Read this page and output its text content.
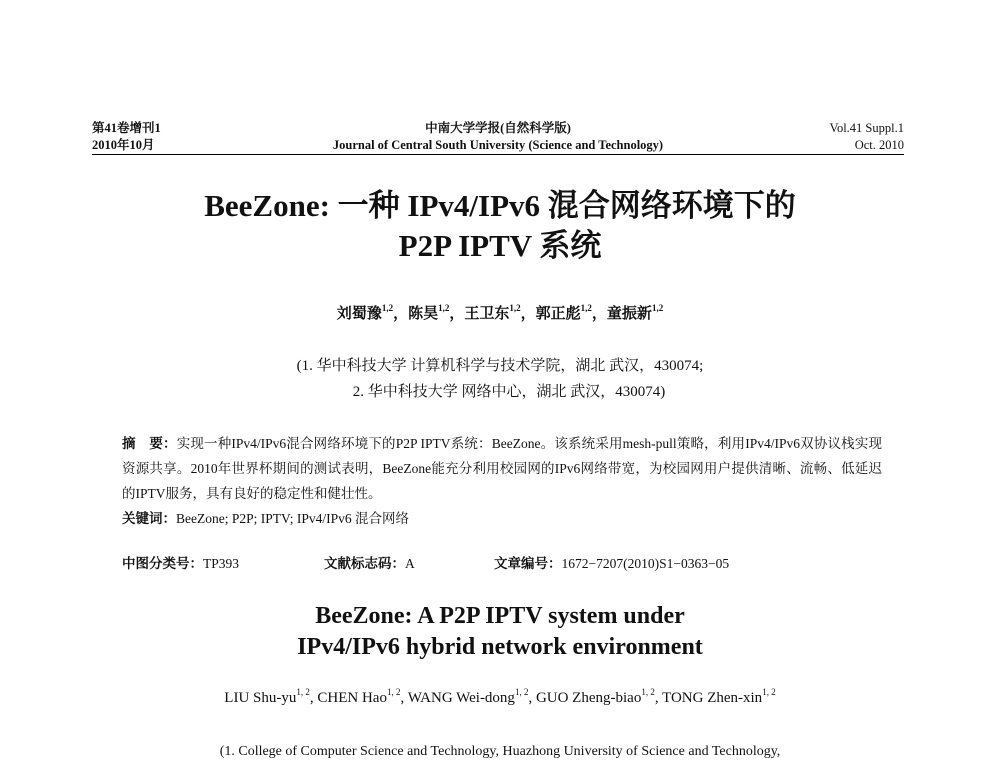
第41卷增刊1
2010年10月
中南大学学报(自然科学版)
Journal of Central South University (Science and Technology)
Vol.41 Suppl.1
Oct. 2010
BeeZone: 一种 IPv4/IPv6 混合网络环境下的
P2P IPTV 系统
刘蜀豫$^{1,2}$，陈昊$^{1,2}$，王卫东$^{1,2}$，郭正彪$^{1,2}$，童振新$^{1,2}$
(1. 华中科技大学 计算机科学与技术学院，湖北 武汉，430074;
2. 华中科技大学 网络中心，湖北 武汉，430074)
摘　要：实现一种IPv4/IPv6混合网络环境下的P2P IPTV系统：BeeZone。该系统采用mesh-pull策略，利用IPv4/IPv6双协议栈实现资源共享。2010年世界杯期间的测试表明，BeeZone能充分利用校园网的IPv6网络带宽，为校园网用户提供清晰、流畅、低延迟的IPTV服务，具有良好的稳定性和健壮性。
关键词：BeeZone; P2P; IPTV; IPv4/IPv6 混合网络
中图分类号：TP393	文献标志码：A	文章编号：1672−7207(2010)S1−0363−05
BeeZone: A P2P IPTV system under
IPv4/IPv6 hybrid network environment
LIU Shu-yu$^{1, 2}$, CHEN Hao$^{1, 2}$, WANG Wei-dong$^{1, 2}$, GUO Zheng-biao$^{1, 2}$, TONG Zhen-xin$^{1, 2}$
(1. College of Computer Science and Technology, Huazhong University of Science and Technology,
